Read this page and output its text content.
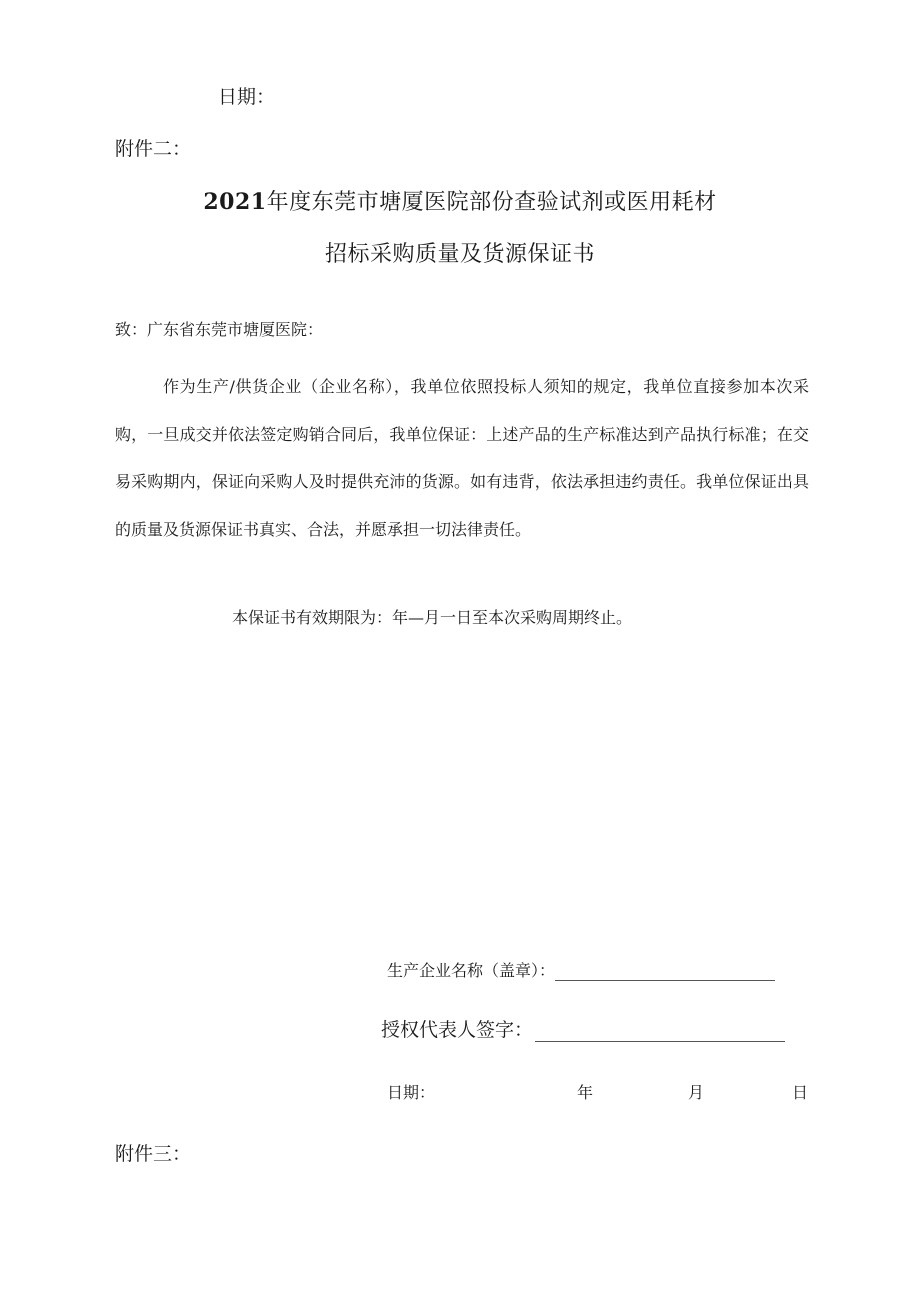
日期：
附件二：
2021年度东莞市塘厦医院部份查验试剂或医用耗材
招标采购质量及货源保证书
致：广东省东莞市塘厦医院：

作为生产/供货企业（企业名称），我单位依照投标人须知的规定，我单位直接参加本次采购，一旦成交并依法签定购销合同后，我单位保证：上述产品的生产标准达到产品执行标准；在交易采购期内，保证向采购人及时提供充沛的货源。如有违背，依法承担违约责任。我单位保证出具的质量及货源保证书真实、合法，并愿承担一切法律责任。

本保证书有效期限为：年—月一日至本次采购周期终止。
生产企业名称（盖章）：
授权代表人签字：
日期：	年	月	日
附件三：
